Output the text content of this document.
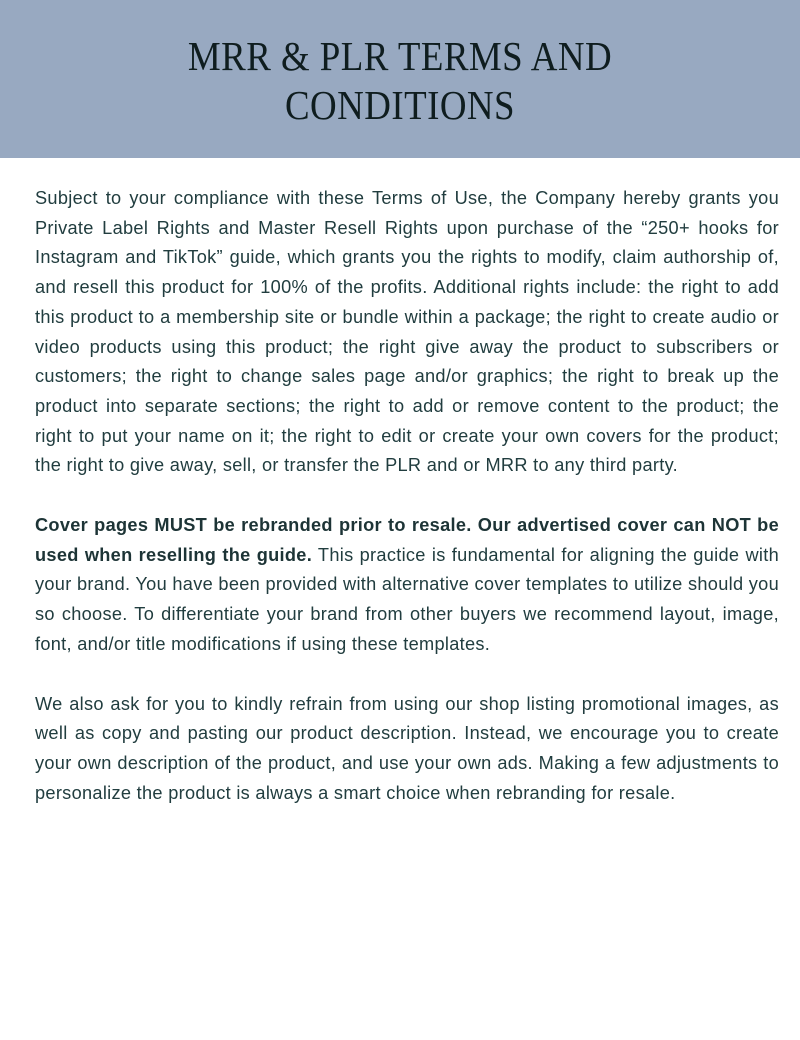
MRR & PLR TERMS AND
CONDITIONS

Subject to your compliance with these Terms of Use, the Company hereby grants you Private Label Rights and Master Resell Rights upon purchase of the “250+ hooks for Instagram and TikTok” guide, which grants you the rights to modify, claim authorship of, and resell this product for 100% of the profits. Additional rights include: the right to add this product to a membership site or bundle within a package; the right to create audio or video products using this product; the right give away the product to subscribers or customers; the right to change sales page and/or graphics; the right to break up the product into separate sections; the right to add or remove content to the product; the right to put your name on it; the right to edit or create your own covers for the product; the right to give away, sell, or transfer the PLR and or MRR to any third party.

Cover pages MUST be rebranded prior to resale. Our advertised cover can NOT be used when reselling the guide. This practice is fundamental for aligning the guide with your brand. You have been provided with alternative cover templates to utilize should you so choose. To differentiate your brand from other buyers we recommend layout, image, font, and/or title modifications if using these templates.

We also ask for you to kindly refrain from using our shop listing promotional images, as well as copy and pasting our product description. Instead, we encourage you to create your own description of the product, and use your own ads. Making a few adjustments to personalize the product is always a smart choice when rebranding for resale.
